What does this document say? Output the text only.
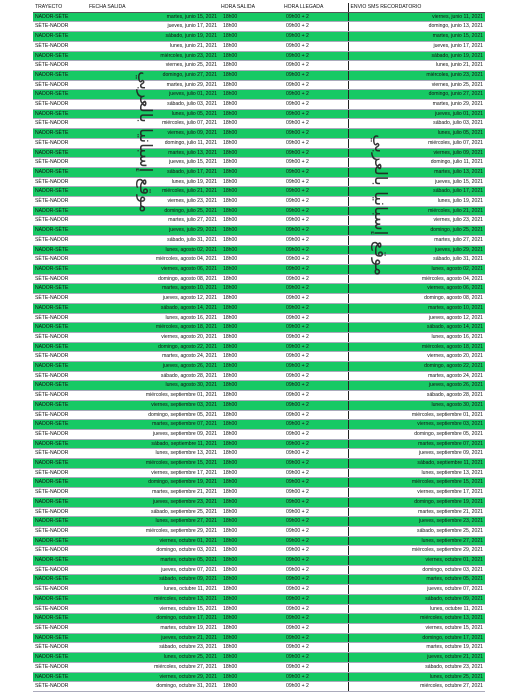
TRAYECTO	FECHA SALIDA	HORA SALIDA	HORA LLEGADA	ENVIO SMS RECORDATORIO
NADOR-SÈTE	martes, junio 15, 2021	18h00	09h00 + 2	viernes, junio 11, 2021
SÈTE-NADOR	jueves, junio 17, 2021	18h00	09h00 + 2	domingo, junio 13, 2021
NADOR-SÈTE	sábado, junio 19, 2021	18h00	09h00 + 2	martes, junio 15, 2021
SÈTE-NADOR	lunes, junio 21, 2021	18h00	09h00 + 2	jueves, junio 17, 2021
NADOR-SÈTE	miércoles, junio 23, 2021	18h00	09h00 + 2	sábado, junio 19, 2021
SÈTE-NADOR	viernes, junio 25, 2021	18h00	09h00 + 2	lunes, junio 21, 2021
NADOR-SÈTE	domingo, junio 27, 2021	18h00	09h00 + 2	miércoles, junio 23, 2021
SÈTE-NADOR	martes, junio 29, 2021	18h00	09h00 + 2	viernes, junio 25, 2021
NADOR-SÈTE	jueves, julio 01, 2021	18h00	09h00 + 2	domingo, junio 27, 2021
SÈTE-NADOR	sábado, julio 03, 2021	18h00	09h00 + 2	martes, junio 29, 2021
NADOR-SÈTE	lunes, julio 05, 2021	18h00	09h00 + 2	jueves, julio 01, 2021
SÈTE-NADOR	miércoles, julio 07, 2021	18h00	09h00 + 2	sábado, julio 03, 2021
NADOR-SÈTE	viernes, julio 09, 2021	18h00	09h00 + 2	lunes, julio 05, 2021
SÈTE-NADOR	domingo, julio 11, 2021	18h00	09h00 + 2	miércoles, julio 07, 2021
NADOR-SÈTE	martes, julio 13, 2021	18h00	09h00 + 2	viernes, julio 09, 2021
SÈTE-NADOR	jueves, julio 15, 2021	18h00	09h00 + 2	domingo, julio 11, 2021
NADOR-SÈTE	sábado, julio 17, 2021	18h00	09h00 + 2	martes, julio 13, 2021
SÈTE-NADOR	lunes, julio 19, 2021	18h00	09h00 + 2	jueves, julio 15, 2021
NADOR-SÈTE	miércoles, julio 21, 2021	18h00	09h00 + 2	sábado, julio 17, 2021
SÈTE-NADOR	viernes, julio 23, 2021	18h00	09h00 + 2	lunes, julio 19, 2021
NADOR-SÈTE	domingo, julio 25, 2021	18h00	09h00 + 2	miércoles, julio 21, 2021
SÈTE-NADOR	martes, julio 27, 2021	18h00	09h00 + 2	viernes, julio 23, 2021
NADOR-SÈTE	jueves, julio 29, 2021	18h00	09h00 + 2	domingo, julio 25, 2021
SÈTE-NADOR	sábado, julio 31, 2021	18h00	09h00 + 2	martes, julio 27, 2021
NADOR-SÈTE	lunes, agosto 02, 2021	18h00	09h00 + 2	jueves, julio 29, 2021
SÈTE-NADOR	miércoles, agosto 04, 2021	18h00	09h00 + 2	sábado, julio 31, 2021
NADOR-SÈTE	viernes, agosto 06, 2021	18h00	09h00 + 2	lunes, agosto 02, 2021
SÈTE-NADOR	domingo, agosto 08, 2021	18h00	09h00 + 2	miércoles, agosto 04, 2021
NADOR-SÈTE	martes, agosto 10, 2021	18h00	09h00 + 2	viernes, agosto 06, 2021
SÈTE-NADOR	jueves, agosto 12, 2021	18h00	09h00 + 2	domingo, agosto 08, 2021
NADOR-SÈTE	sábado, agosto 14, 2021	18h00	09h00 + 2	martes, agosto 10, 2021
SÈTE-NADOR	lunes, agosto 16, 2021	18h00	09h00 + 2	jueves, agosto 12, 2021
NADOR-SÈTE	miércoles, agosto 18, 2021	18h00	09h00 + 2	sábado, agosto 14, 2021
SÈTE-NADOR	viernes, agosto 20, 2021	18h00	09h00 + 2	lunes, agosto 16, 2021
NADOR-SÈTE	domingo, agosto 22, 2021	18h00	09h00 + 2	miércoles, agosto 18, 2021
SÈTE-NADOR	martes, agosto 24, 2021	18h00	09h00 + 2	viernes, agosto 20, 2021
NADOR-SÈTE	jueves, agosto 26, 2021	18h00	09h00 + 2	domingo, agosto 22, 2021
SÈTE-NADOR	sábado, agosto 28, 2021	18h00	09h00 + 2	martes, agosto 24, 2021
NADOR-SÈTE	lunes, agosto 30, 2021	18h00	09h00 + 2	jueves, agosto 26, 2021
SÈTE-NADOR	miércoles, septiembre 01, 2021	18h00	09h00 + 2	sábado, agosto 28, 2021
NADOR-SÈTE	viernes, septiembre 03, 2021	18h00	09h00 + 2	lunes, agosto 30, 2021
SÈTE-NADOR	domingo, septiembre 05, 2021	18h00	09h00 + 2	miércoles, septiembre 01, 2021
NADOR-SÈTE	martes, septiembre 07, 2021	18h00	09h00 + 2	viernes, septiembre 03, 2021
SÈTE-NADOR	jueves, septiembre 09, 2021	18h00	09h00 + 2	domingo, septiembre 05, 2021
NADOR-SÈTE	sábado, septiembre 11, 2021	18h00	09h00 + 2	martes, septiembre 07, 2021
SÈTE-NADOR	lunes, septiembre 13, 2021	18h00	09h00 + 2	jueves, septiembre 09, 2021
NADOR-SÈTE	miércoles, septiembre 15, 2021	18h00	09h00 + 2	sábado, septiembre 11, 2021
SÈTE-NADOR	viernes, septiembre 17, 2021	18h00	09h00 + 2	lunes, septiembre 13, 2021
NADOR-SÈTE	domingo, septiembre 19, 2021	18h00	09h00 + 2	miércoles, septiembre 15, 2021
SÈTE-NADOR	martes, septiembre 21, 2021	18h00	09h00 + 2	viernes, septiembre 17, 2021
NADOR-SÈTE	jueves, septiembre 23, 2021	18h00	09h00 + 2	domingo, septiembre 19, 2021
SÈTE-NADOR	sábado, septiembre 25, 2021	18h00	09h00 + 2	martes, septiembre 21, 2021
NADOR-SÈTE	lunes, septiembre 27, 2021	18h00	09h00 + 2	jueves, septiembre 23, 2021
SÈTE-NADOR	miércoles, septiembre 29, 2021	18h00	09h00 + 2	sábado, septiembre 25, 2021
NADOR-SÈTE	viernes, octubre 01, 2021	18h00	09h00 + 2	lunes, septiembre 27, 2021
SÈTE-NADOR	domingo, octubre 03, 2021	18h00	09h00 + 2	miércoles, septiembre 29, 2021
NADOR-SÈTE	martes, octubre 05, 2021	18h00	09h00 + 2	viernes, octubre 01, 2021
SÈTE-NADOR	jueves, octubre 07, 2021	18h00	09h00 + 2	domingo, octubre 03, 2021
NADOR-SÈTE	sábado, octubre 09, 2021	18h00	09h00 + 2	martes, octubre 05, 2021
SÈTE-NADOR	lunes, octubre 11, 2021	18h00	09h00 + 2	jueves, octubre 07, 2021
NADOR-SÈTE	miércoles, octubre 13, 2021	18h00	09h00 + 2	sábado, octubre 09, 2021
SÈTE-NADOR	viernes, octubre 15, 2021	18h00	09h00 + 2	lunes, octubre 11, 2021
NADOR-SÈTE	domingo, octubre 17, 2021	18h00	09h00 + 2	miércoles, octubre 13, 2021
SÈTE-NADOR	martes, octubre 19, 2021	18h00	09h00 + 2	viernes, octubre 15, 2021
NADOR-SÈTE	jueves, octubre 21, 2021	18h00	09h00 + 2	domingo, octubre 17, 2021
SÈTE-NADOR	sábado, octubre 23, 2021	18h00	09h00 + 2	martes, octubre 19, 2021
NADOR-SÈTE	lunes, octubre 25, 2021	18h00	09h00 + 2	jueves, octubre 21, 2021
SÈTE-NADOR	miércoles, octubre 27, 2021	18h00	09h00 + 2	sábado, octubre 23, 2021
NADOR-SÈTE	viernes, octubre 29, 2021	18h00	09h00 + 2	lunes, octubre 25, 2021
SÈTE-NADOR	domingo, octubre 31, 2021	18h00	09h00 + 2	miércoles, octubre 27, 2021
موقع إسبانيا بالعربي	موقع إسبانيا بالعربي
